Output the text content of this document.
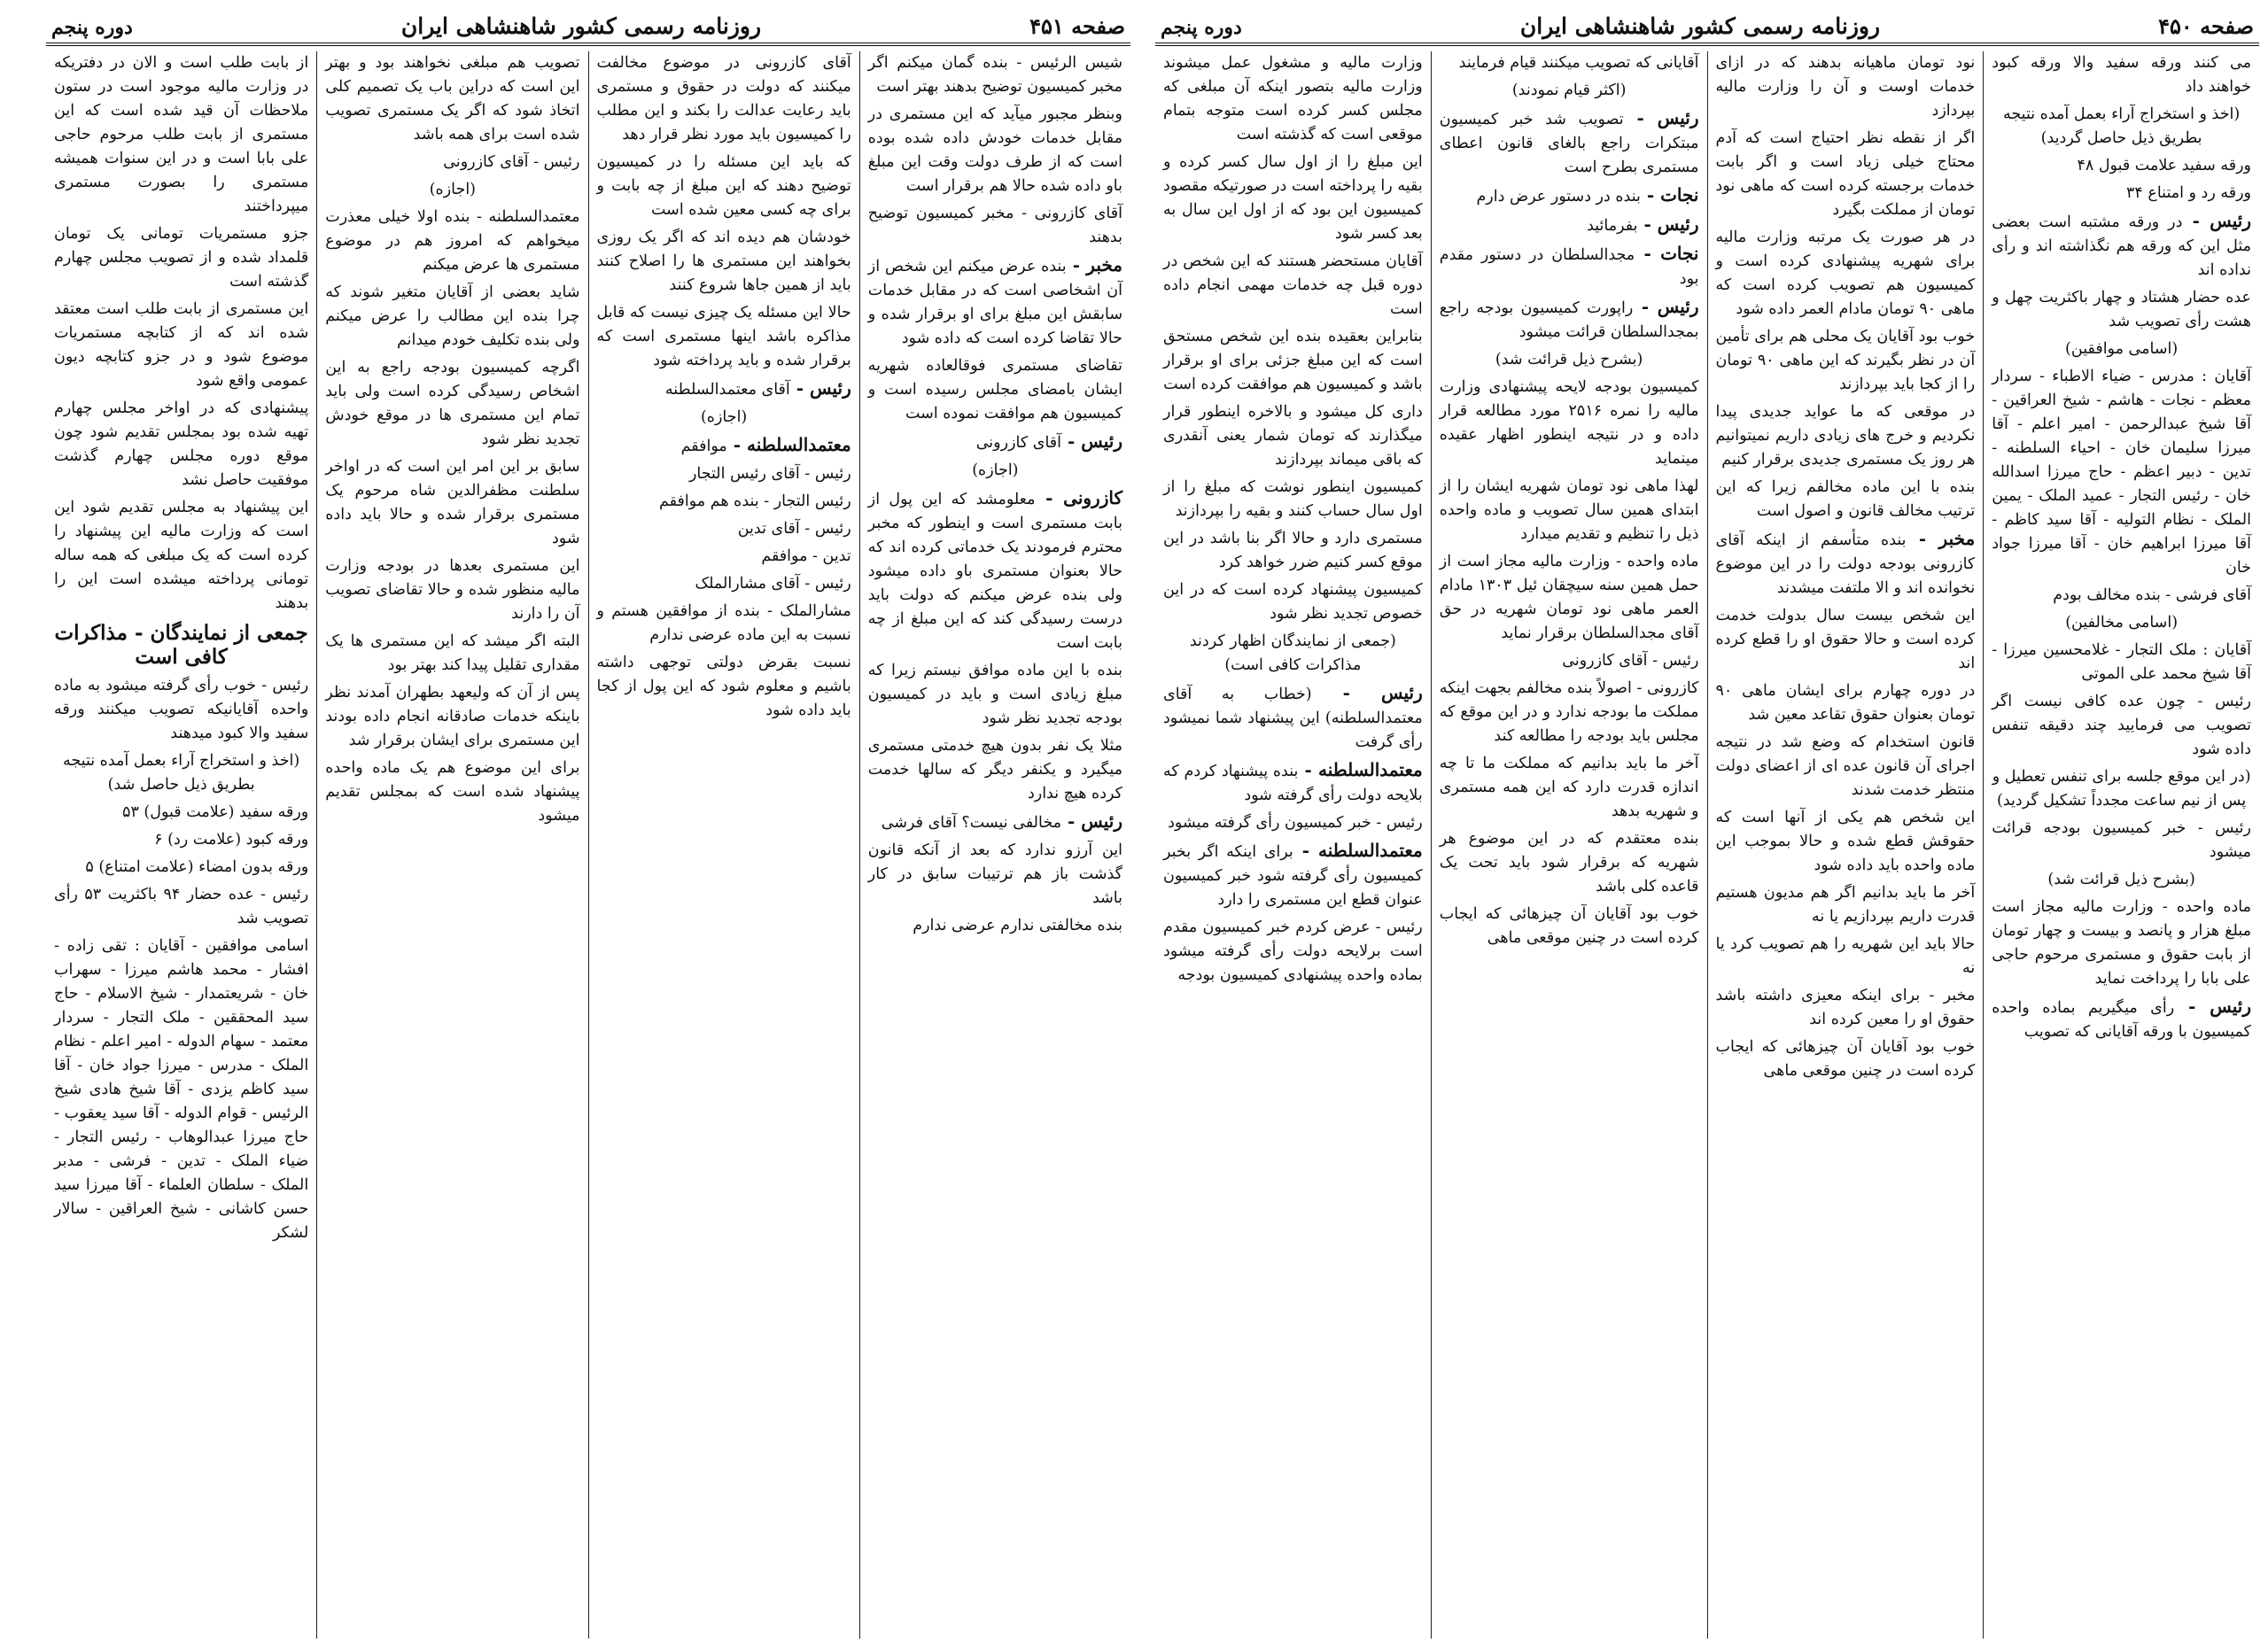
صفحه ۴۵۱
روزنامه رسمی کشور شاهنشاهی ایران
دوره پنجم

شیس الرئیس - بنده گمان میکنم اگر مخبر کمیسیون توضیح بدهند بهتر است

وبنظر مجبور میآید که این مستمری در مقابل خدمات خودش داده شده بوده است که از طرف دولت وقت این مبلغ باو داده شده حالا هم برقرار است

آقای کازرونی - مخبر کمیسیون توضیح بدهند

مخبر - بنده عرض میکنم این شخص از آن اشخاصی است که در مقابل خدمات سابقش این مبلغ برای او برقرار شده و حالا تقاضا کرده است که داده شود

تقاضای مستمری فوقالعاده شهریه ایشان بامضای مجلس رسیده است و کمیسیون هم موافقت نموده است

رئیس - آقای کازرونی

(اجازه)

کازرونی - معلومشد که این پول از بابت مستمری است و اینطور که مخبر محترم فرمودند یک خدماتی کرده اند که حالا بعنوان مستمری باو داده میشود ولی بنده عرض میکنم که دولت باید درست رسیدگی کند که این مبلغ از چه بابت است

بنده با این ماده موافق نیستم زیرا که مبلغ زیادی است و باید در کمیسیون بودجه تجدید نظر شود

مثلا یک نفر بدون هیچ خدمتی مستمری میگیرد و یکنفر دیگر که سالها خدمت کرده هیچ ندارد

رئیس - مخالفی نیست؟ آقای فرشی

این آرزو ندارد که بعد از آنکه قانون گذشت باز هم ترتیبات سابق در کار باشد

بنده مخالفتی ندارم عرضی ندارم

آقای کازرونی در موضوع مخالفت میکنند که دولت در حقوق و مستمری باید رعایت عدالت را بکند و این مطلب را کمیسیون باید مورد نظر قرار دهد

که باید این مسئله را در کمیسیون توضیح دهند که این مبلغ از چه بابت و برای چه کسی معین شده است

خودشان هم دیده اند که اگر یک روزی بخواهند این مستمری ها را اصلاح کنند باید از همین جاها شروع کنند

حالا این مسئله یک چیزی نیست که قابل مذاکره باشد اینها مستمری است که برقرار شده و باید پرداخته شود

رئیس - آقای معتمدالسلطنه

(اجازه)

معتمدالسلطنه - موافقم

رئیس - آقای رئیس التجار

رئیس التجار - بنده هم موافقم

رئیس - آقای تدین

تدین - موافقم

رئیس - آقای مشارالملک

مشارالملک - بنده از موافقین هستم و نسبت به این ماده عرضی ندارم

نسبت بقرض دولتی توجهی داشته باشیم و معلوم شود که این پول از کجا باید داده شود

تصویب هم مبلغی نخواهند بود و بهتر این است که دراین باب یک تصمیم کلی اتخاذ شود که اگر یک مستمری تصویب شده است برای همه باشد

رئیس - آقای کازرونی

(اجازه)

معتمدالسلطنه - بنده اولا خیلی معذرت میخواهم که امروز هم در موضوع مستمری ها عرض میکنم

شاید بعضی از آقایان متغیر شوند که چرا بنده این مطالب را عرض میکنم ولی بنده تکلیف خودم میدانم

اگرچه کمیسیون بودجه راجع به این اشخاص رسیدگی کرده است ولی باید تمام این مستمری ها در موقع خودش تجدید نظر شود

سابق بر این امر این است که در اواخر سلطنت مظفرالدین شاه مرحوم یک مستمری برقرار شده و حالا باید داده شود

این مستمری بعدها در بودجه وزارت مالیه منظور شده و حالا تقاضای تصویب آن را دارند

البته اگر میشد که این مستمری ها یک مقداری تقلیل پیدا کند بهتر بود

پس از آن که ولیعهد بطهران آمدند نظر باینکه خدمات صادقانه انجام داده بودند این مستمری برای ایشان برقرار شد

برای این موضوع هم یک ماده واحده پیشنهاد شده است که بمجلس تقدیم میشود

از بابت طلب است و الان در دفتریکه در وزارت مالیه موجود است در ستون ملاحظات آن قید شده است که این مستمری از بابت طلب مرحوم حاجی علی بابا است و در این سنوات همیشه مستمری را بصورت مستمری میپرداختند

جزو مستمریات تومانی یک تومان قلمداد شده و از تصویب مجلس چهارم گذشته است

این مستمری از بابت طلب است معتقد شده اند که از کتابچه مستمریات موضوع شود و در جزو کتابچه دیون عمومی واقع شود

پیشنهادی که در اواخر مجلس چهارم تهیه شده بود بمجلس تقدیم شود چون موقع دوره مجلس چهارم گذشت موفقیت حاصل نشد

این پیشنهاد به مجلس تقدیم شود این است که وزارت مالیه این پیشنهاد را کرده است که یک مبلغی که همه ساله تومانی پرداخته میشده است این را بدهند

جمعی از نمایندگان - مذاکرات کافی است

رئیس - خوب رأی گرفته میشود به ماده واحده آقایانیکه تصویب میکنند ورقه سفید والا کبود میدهند

(اخذ و استخراج آراء بعمل آمده نتیجه بطریق ذیل حاصل شد)

ورقه سفید (علامت قبول) ۵۳

ورقه کبود (علامت رد) ۶

ورقه بدون امضاء (علامت امتناع) ۵

رئیس - عده حضار ۹۴ باکثریت ۵۳ رأی تصویب شد

اسامی موافقین - آقایان : تقی زاده - افشار - محمد هاشم میرزا - سهراب خان - شریعتمدار - شیخ الاسلام - حاج سید المحققین - ملک التجار - سردار معتمد - سهام الدوله - امیر اعلم - نظام الملک - مدرس - میرزا جواد خان - آقا سید کاظم یزدی - آقا شیخ هادی شیخ الرئیس - قوام الدوله - آقا سید یعقوب - حاج میرزا عبدالوهاب - رئیس التجار - ضیاء الملک - تدین - فرشی - مدبر الملک - سلطان العلماء - آقا میرزا سید حسن کاشانی - شیخ العراقین - سالار لشکر

صفحه ۴۵۰
روزنامه رسمی کشور شاهنشاهی ایران
دوره پنجم

می کنند ورقه سفید والا ورقه کبود خواهند داد

(اخذ و استخراج آراء بعمل آمده نتیجه بطریق ذیل حاصل گردید)

ورقه سفید علامت قبول ۴۸

ورقه رد و امتناع ۳۴

رئیس - در ورقه مشتبه است بعضی مثل این که ورقه هم نگذاشته اند و رأی نداده اند

عده حضار هشتاد و چهار باکثریت چهل و هشت رأی تصویب شد

(اسامی موافقین)

آقایان : مدرس - ضیاء الاطباء - سردار معظم - نجات - هاشم - شیخ العراقین - آقا شیخ عبدالرحمن - امیر اعلم - آقا میرزا سلیمان خان - احیاء السلطنه - تدین - دبیر اعظم - حاج میرزا اسدالله خان - رئیس التجار - عمید الملک - یمین الملک - نظام التولیه - آقا سید کاظم - آقا میرزا ابراهیم خان - آقا میرزا جواد خان

آقای فرشی - بنده مخالف بودم

(اسامی مخالفین)

آقایان : ملک التجار - غلامحسین میرزا - آقا شیخ محمد علی الموتی

رئیس - چون عده کافی نیست اگر تصویب می فرمایید چند دقیقه تنفس داده شود

(در این موقع جلسه برای تنفس تعطیل و پس از نیم ساعت مجدداً تشکیل گردید)

رئیس - خبر کمیسیون بودجه قرائت میشود

(بشرح ذیل قرائت شد)

ماده واحده - وزارت مالیه مجاز است مبلغ هزار و پانصد و بیست و چهار تومان از بابت حقوق و مستمری مرحوم حاجی علی بابا را پرداخت نماید

رئیس - رأی میگیریم بماده واحده کمیسیون با ورقه آقایانی که تصویب

نود تومان ماهیانه بدهند که در ازای خدمات اوست و آن را وزارت مالیه بپردازد

اگر از نقطه نظر احتیاج است که آدم محتاج خیلی زیاد است و اگر بابت خدمات برجسته کرده است که ماهی نود تومان از مملکت بگیرد

در هر صورت یک مرتبه وزارت مالیه برای شهریه پیشنهادی کرده است و کمیسیون هم تصویب کرده است که ماهی ۹۰ تومان مادام العمر داده شود

خوب بود آقایان یک محلی هم برای تأمین آن در نظر بگیرند که این ماهی ۹۰ تومان را از کجا باید بپردازند

در موقعی که ما عواید جدیدی پیدا نکردیم و خرج های زیادی داریم نمیتوانیم هر روز یک مستمری جدیدی برقرار کنیم

بنده با این ماده مخالفم زیرا که این ترتیب مخالف قانون و اصول است

مخبر - بنده متأسفم از اینکه آقای کازرونی بودجه دولت را در این موضوع نخوانده اند و الا ملتفت میشدند

این شخص بیست سال بدولت خدمت کرده است و حالا حقوق او را قطع کرده اند

در دوره چهارم برای ایشان ماهی ۹۰ تومان بعنوان حقوق تقاعد معین شد

قانون استخدام که وضع شد در نتیجه اجرای آن قانون عده ای از اعضای دولت منتظر خدمت شدند

این شخص هم یکی از آنها است که حقوقش قطع شده و حالا بموجب این ماده واحده باید داده شود

آخر ما باید بدانیم اگر هم مدیون هستیم قدرت داریم بپردازیم یا نه

حالا باید این شهریه را هم تصویب کرد یا نه

مخبر - برای اینکه معیزی داشته باشد حقوق او را معین کرده اند

خوب بود آقایان آن چیزهائی که ایجاب کرده است در چنین موقعی ماهی

آقایانی که تصویب میکنند قیام فرمایند

(اکثر قیام نمودند)

رئیس - تصویب شد خبر کمیسیون مبتکرات راجع بالغای قانون اعطای مستمری بطرح است

نجات - بنده در دستور عرض دارم

رئیس - بفرمائید

نجات - مجدالسلطان در دستور مقدم بود

رئیس - راپورت کمیسیون بودجه راجع بمجدالسلطان قرائت میشود

(بشرح ذیل قرائت شد)

کمیسیون بودجه لایحه پیشنهادی وزارت مالیه را نمره ۲۵۱۶ مورد مطالعه قرار داده و در نتیجه اینطور اظهار عقیده مینماید

لهذا ماهی نود تومان شهریه ایشان را از ابتدای همین سال تصویب و ماده واحده ذیل را تنظیم و تقدیم میدارد

ماده واحده - وزارت مالیه مجاز است از حمل همین سنه سیچقان ئیل ۱۳۰۳ مادام العمر ماهی نود تومان شهریه در حق آقای مجدالسلطان برقرار نماید

رئیس - آقای کازرونی

کازرونی - اصولاً بنده مخالفم بجهت اینکه مملکت ما بودجه ندارد و در این موقع که مجلس باید بودجه را مطالعه کند

آخر ما باید بدانیم که مملکت ما تا چه اندازه قدرت دارد که این همه مستمری و شهریه بدهد

بنده معتقدم که در این موضوع هر شهریه که برقرار شود باید تحت یک قاعده کلی باشد

خوب بود آقایان آن چیزهائی که ایجاب کرده است در چنین موقعی ماهی

وزارت مالیه و مشغول عمل میشوند وزارت مالیه بتصور اینکه آن مبلغی که مجلس کسر کرده است متوجه بتمام موقعی است که گذشته است

این مبلغ را از اول سال کسر کرده و بقیه را پرداخته است در صورتیکه مقصود کمیسیون این بود که از اول این سال به بعد کسر شود

آقایان مستحضر هستند که این شخص در دوره قبل چه خدمات مهمی انجام داده است

بنابراین بعقیده بنده این شخص مستحق است که این مبلغ جزئی برای او برقرار باشد و کمیسیون هم موافقت کرده است

داری کل میشود و بالاخره اینطور قرار میگذارند که تومان شمار یعنی آنقدری که باقی میماند بپردازند

کمیسیون اینطور نوشت که مبلغ را از اول سال حساب کنند و بقیه را بپردازند

مستمری دارد و حالا اگر بنا باشد در این موقع کسر کنیم ضرر خواهد کرد

کمیسیون پیشنهاد کرده است که در این خصوص تجدید نظر شود

(جمعی از نمایندگان اظهار کردند مذاکرات کافی است)

رئیس - (خطاب به آقای معتمدالسلطنه) این پیشنهاد شما نمیشود رأی گرفت

معتمدالسلطنه - بنده پیشنهاد کردم که بلایحه دولت رأی گرفته شود

رئیس - خبر کمیسیون رأی گرفته میشود

معتمدالسلطنه - برای اینکه اگر بخبر کمیسیون رأی گرفته شود خبر کمیسیون عنوان قطع این مستمری را دارد

رئیس - عرض کردم خبر کمیسیون مقدم است برلایحه دولت رأی گرفته میشود بماده واحده پیشنهادی کمیسیون بودجه
